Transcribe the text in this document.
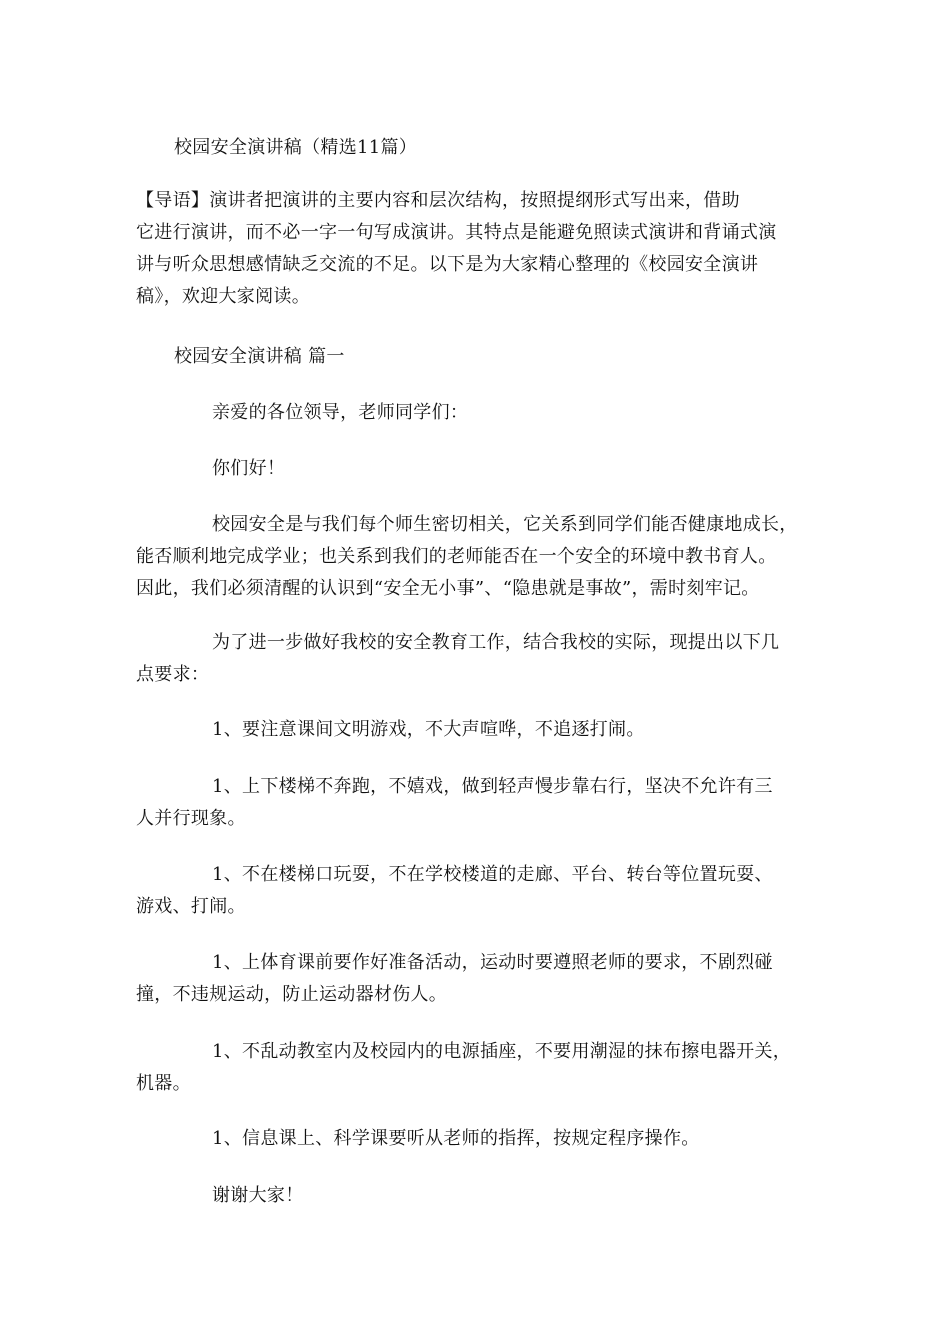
校园安全演讲稿（精选11篇）

【导语】演讲者把演讲的主要内容和层次结构，按照提纲形式写出来，借助
它进行演讲，而不必一字一句写成演讲。其特点是能避免照读式演讲和背诵式演
讲与听众思想感情缺乏交流的不足。以下是为大家精心整理的《校园安全演讲
稿》，欢迎大家阅读。

校园安全演讲稿 篇一

亲爱的各位领导，老师同学们：

你们好！

校园安全是与我们每个师生密切相关，它关系到同学们能否健康地成长，
能否顺利地完成学业；也关系到我们的老师能否在一个安全的环境中教书育人。
因此，我们必须清醒的认识到“安全无小事”、“隐患就是事故”，需时刻牢记。

为了进一步做好我校的安全教育工作，结合我校的实际，现提出以下几
点要求：

1、要注意课间文明游戏，不大声喧哗，不追逐打闹。

1、上下楼梯不奔跑，不嬉戏，做到轻声慢步靠右行，坚决不允许有三
人并行现象。

1、不在楼梯口玩耍，不在学校楼道的走廊、平台、转台等位置玩耍、
游戏、打闹。

1、上体育课前要作好准备活动，运动时要遵照老师的要求，不剧烈碰
撞，不违规运动，防止运动器材伤人。

1、不乱动教室内及校园内的电源插座，不要用潮湿的抹布擦电器开关，
机器。

1、信息课上、科学课要听从老师的指挥，按规定程序操作。

谢谢大家！
